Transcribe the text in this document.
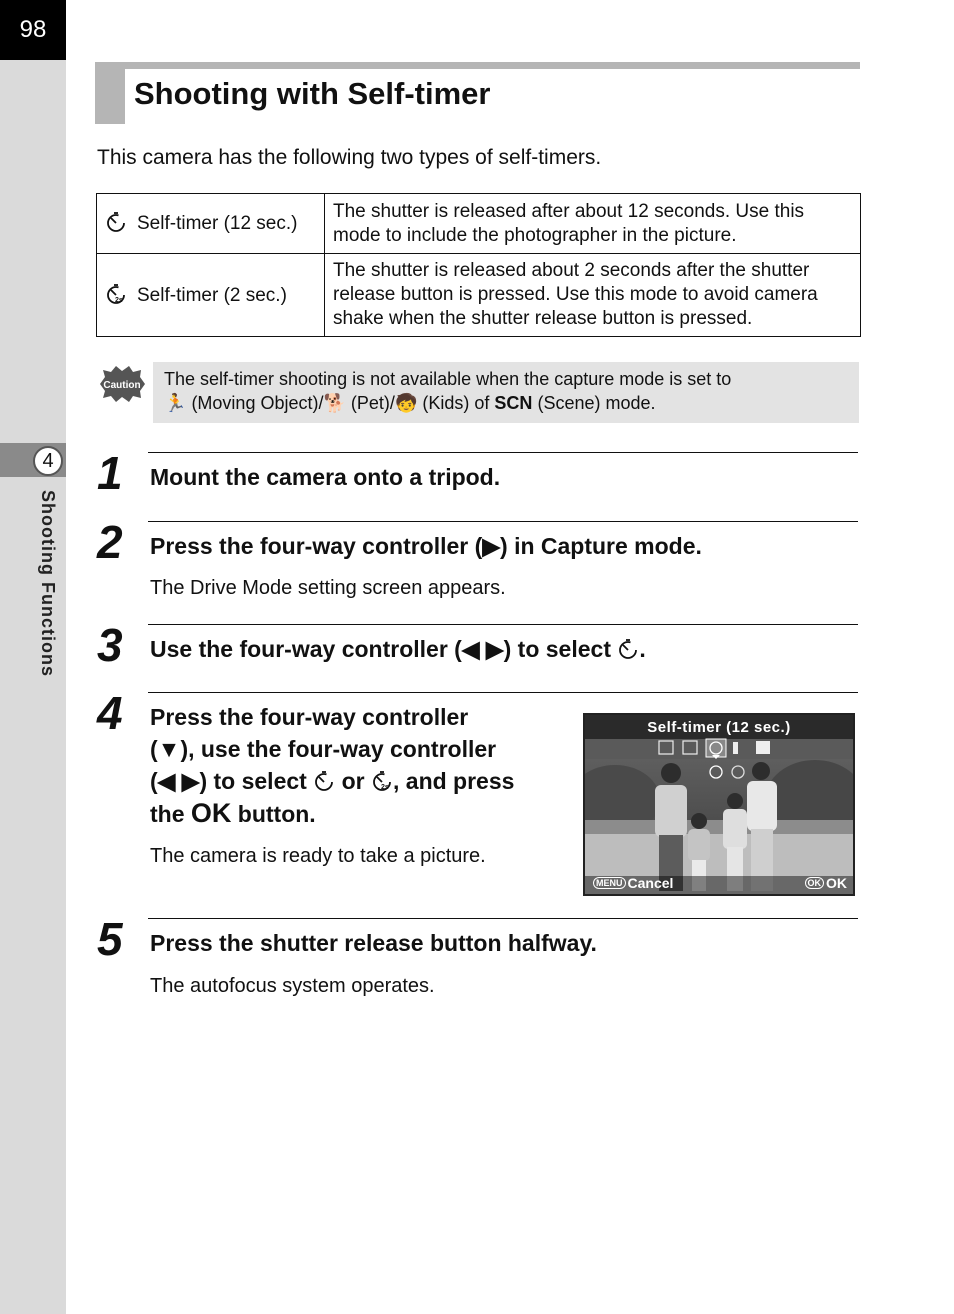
98
4
Shooting Functions
Shooting with Self-timer

This camera has the following two types of self-timers.

Self-timer (12 sec.)	The shutter is released after about 12 seconds. Use this mode to include the photographer in the picture.

2s Self-timer (2 sec.)	The shutter is released about 2 seconds after the shutter release button is pressed. Use this mode to avoid camera shake when the shutter release button is pressed.
Caution The self-timer shooting is not available when the capture mode is set to
🏃 (Moving Object)/🐕 (Pet)/🧒 (Kids) of SCN (Scene) mode.
1 Mount the camera onto a tripod.
2 Press the four-way controller (▶) in Capture mode.
The Drive Mode setting screen appears.
3 Use the four-way controller (◀ ▶) to select .
4 Press the four-way controller
(▼), use the four-way controller
(◀ ▶) to select or 2s , and press
the OK button.
The camera is ready to take a picture.
Self-timer (12 sec.)
MENU Cancel	OK OK
5 Press the shutter release button halfway.
The autofocus system operates.
